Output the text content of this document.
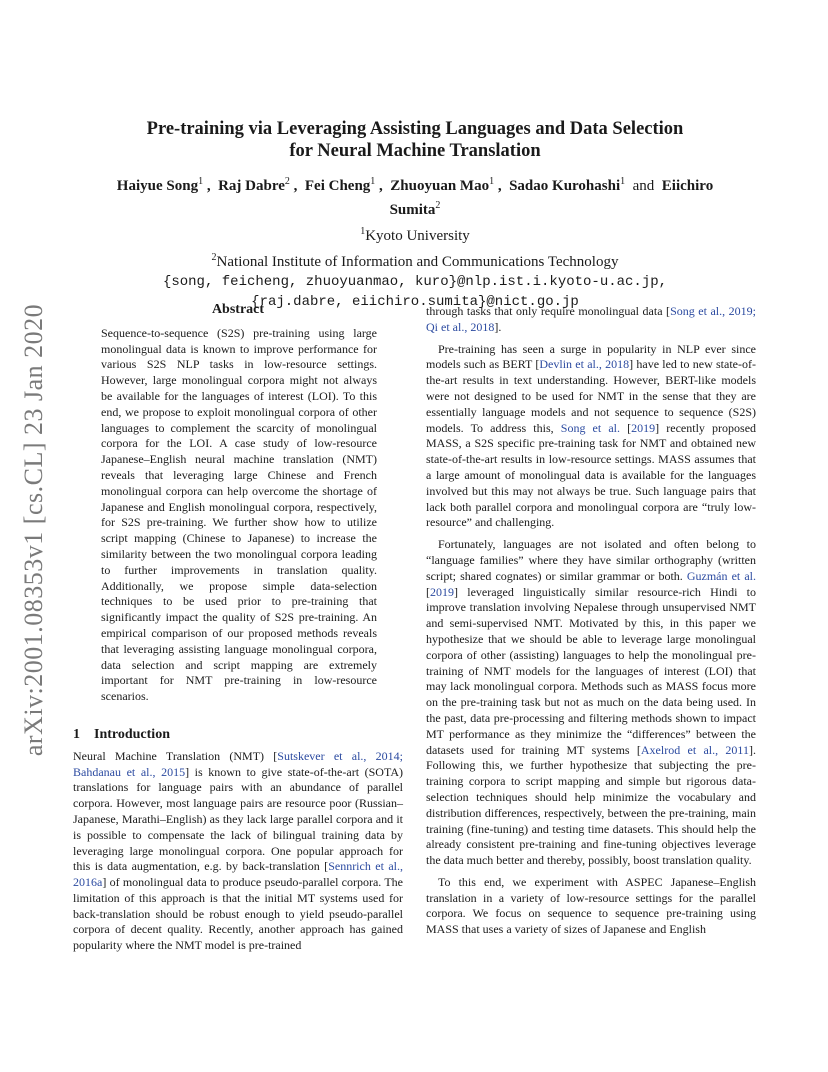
arXiv:2001.08353v1 [cs.CL] 23 Jan 2020
Pre-training via Leveraging Assisting Languages and Data Selection
for Neural Machine Translation
Haiyue Song$^1$ ,  Raj Dabre$^2$ ,  Fei Cheng$^1$ ,  Zhuoyuan Mao$^1$ ,  Sadao Kurohashi$^1$ and Eiichiro Sumita$^2$
$^1$Kyoto University
$^2$National Institute of Information and Communications Technology
{song, feicheng, zhuoyuanmao, kuro}@nlp.ist.i.kyoto-u.ac.jp,
{raj.dabre, eiichiro.sumita}@nict.go.jp
Abstract

Sequence-to-sequence (S2S) pre-training using large monolingual data is known to improve performance for various S2S NLP tasks in low-resource settings. However, large monolingual corpora might not always be available for the languages of interest (LOI). To this end, we propose to exploit monolingual corpora of other languages to complement the scarcity of monolingual corpora for the LOI. A case study of low-resource Japanese–English neural machine translation (NMT) reveals that leveraging large Chinese and French monolingual corpora can help overcome the shortage of Japanese and English monolingual corpora, respectively, for S2S pre-training. We further show how to utilize script mapping (Chinese to Japanese) to increase the similarity between the two monolingual corpora leading to further improvements in translation quality. Additionally, we propose simple data-selection techniques to be used prior to pre-training that significantly impact the quality of S2S pre-training. An empirical comparison of our proposed methods reveals that leveraging assisting language monolingual corpora, data selection and script mapping are extremely important for NMT pre-training in low-resource scenarios.

1 Introduction

Neural Machine Translation (NMT) [Sutskever et al., 2014; Bahdanau et al., 2015] is known to give state-of-the-art (SOTA) translations for language pairs with an abundance of parallel corpora. However, most language pairs are resource poor (Russian–Japanese, Marathi–English) as they lack large parallel corpora and it is possible to compensate the lack of bilingual training data by leveraging large monolingual corpora. One popular approach for this is data augmentation, e.g. by back-translation [Sennrich et al., 2016a] of monolingual data to produce pseudo-parallel corpora. The limitation of this approach is that the initial MT systems used for back-translation should be robust enough to yield pseudo-parallel corpora of decent quality. Recently, another approach has gained popularity where the NMT model is pre-trained

through tasks that only require monolingual data [Song et al., 2019; Qi et al., 2018].

Pre-training has seen a surge in popularity in NLP ever since models such as BERT [Devlin et al., 2018] have led to new state-of-the-art results in text understanding. However, BERT-like models were not designed to be used for NMT in the sense that they are essentially language models and not sequence to sequence (S2S) models. To address this, Song et al. [2019] recently proposed MASS, a S2S specific pre-training task for NMT and obtained new state-of-the-art results in low-resource settings. MASS assumes that a large amount of monolingual data is available for the languages involved but this may not always be true. Such language pairs that lack both parallel corpora and monolingual corpora are “truly low-resource” and challenging.

Fortunately, languages are not isolated and often belong to “language families” where they have similar orthography (written script; shared cognates) or similar grammar or both. Guzmán et al. [2019] leveraged linguistically similar resource-rich Hindi to improve translation involving Nepalese through unsupervised NMT and semi-supervised NMT. Motivated by this, in this paper we hypothesize that we should be able to leverage large monolingual corpora of other (assisting) languages to help the monolingual pre-training of NMT models for the languages of interest (LOI) that may lack monolingual corpora. Methods such as MASS focus more on the pre-training task but not as much on the data being used. In the past, data pre-processing and filtering methods shown to impact MT performance as they minimize the “differences” between the datasets used for training MT systems [Axelrod et al., 2011]. Following this, we further hypothesize that subjecting the pre-training corpora to script mapping and simple but rigorous data-selection techniques should help minimize the vocabulary and distribution differences, respectively, between the pre-training, main training (fine-tuning) and testing time datasets. This should help the already consistent pre-training and fine-tuning objectives leverage the data much better and thereby, possibly, boost translation quality.

To this end, we experiment with ASPEC Japanese–English translation in a variety of low-resource settings for the parallel corpora. We focus on sequence to sequence pre-training using MASS that uses a variety of sizes of Japanese and English
